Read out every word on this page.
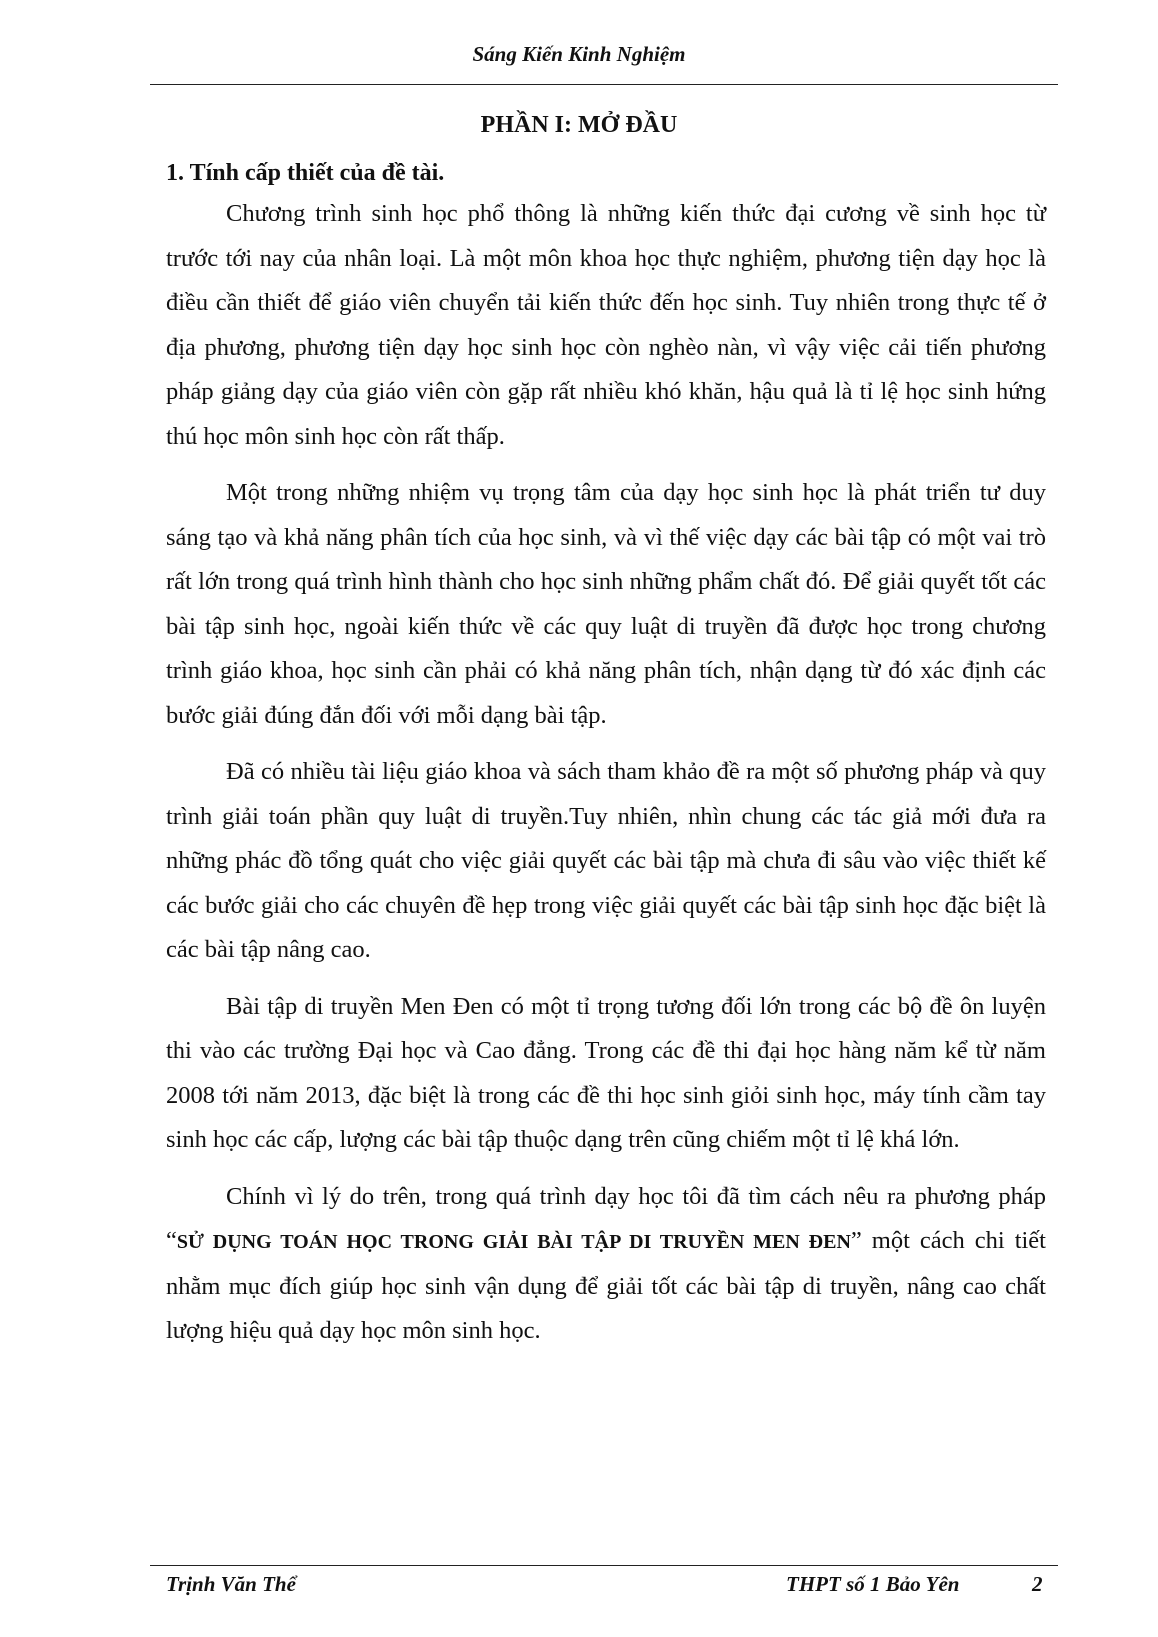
Sáng Kiến Kinh Nghiệm
PHẦN I: MỞ ĐẦU
1. Tính cấp thiết của đề tài.

Chương trình sinh học phổ thông là những kiến thức đại cương về sinh học từ trước tới nay của nhân loại. Là một môn khoa học thực nghiệm, phương tiện dạy học là điều cần thiết để giáo viên chuyển tải kiến thức đến học sinh. Tuy nhiên trong thực tế ở địa phương, phương tiện dạy học sinh học còn nghèo nàn, vì vậy việc cải tiến phương pháp giảng dạy của giáo viên còn gặp rất nhiều khó khăn, hậu quả là tỉ lệ học sinh hứng thú học môn sinh học còn rất thấp.

Một trong những nhiệm vụ trọng tâm của dạy học sinh học là phát triển tư duy sáng tạo và khả năng phân tích của học sinh, và vì thế việc dạy các bài tập có một vai trò rất lớn trong quá trình hình thành cho học sinh những phẩm chất đó. Để giải quyết tốt các bài tập sinh học, ngoài kiến thức về các quy luật di truyền đã được học trong chương trình giáo khoa, học sinh cần phải có khả năng phân tích, nhận dạng từ đó xác định các bước giải đúng đắn đối với mỗi dạng bài tập.

Đã có nhiều tài liệu giáo khoa và sách tham khảo đề ra một số phương pháp và quy trình giải toán phần quy luật di truyền.Tuy nhiên, nhìn chung các tác giả mới đưa ra những phác đồ tổng quát cho việc giải quyết các bài tập mà chưa đi sâu vào việc thiết kế các bước giải cho các chuyên đề hẹp trong việc giải quyết các bài tập sinh học đặc biệt là các bài tập nâng cao.

Bài tập di truyền Men Đen có một tỉ trọng tương đối lớn trong các bộ đề ôn luyện thi vào các trường Đại học và Cao đẳng. Trong các đề thi đại học hàng năm kể từ năm 2008 tới năm 2013, đặc biệt là trong các đề thi học sinh giỏi sinh học, máy tính cầm tay sinh học các cấp, lượng các bài tập thuộc dạng trên cũng chiếm một tỉ lệ khá lớn.

Chính vì lý do trên, trong quá trình dạy học tôi đã tìm cách nêu ra phương pháp “SỬ DỤNG TOÁN HỌC TRONG GIẢI BÀI TẬP DI TRUYỀN MEN ĐEN” một cách chi tiết nhằm mục đích giúp học sinh vận dụng để giải tốt các bài tập di truyền, nâng cao chất lượng hiệu quả dạy học môn sinh học.

Trịnh Văn Thể	THPT số 1 Bảo Yên	2
